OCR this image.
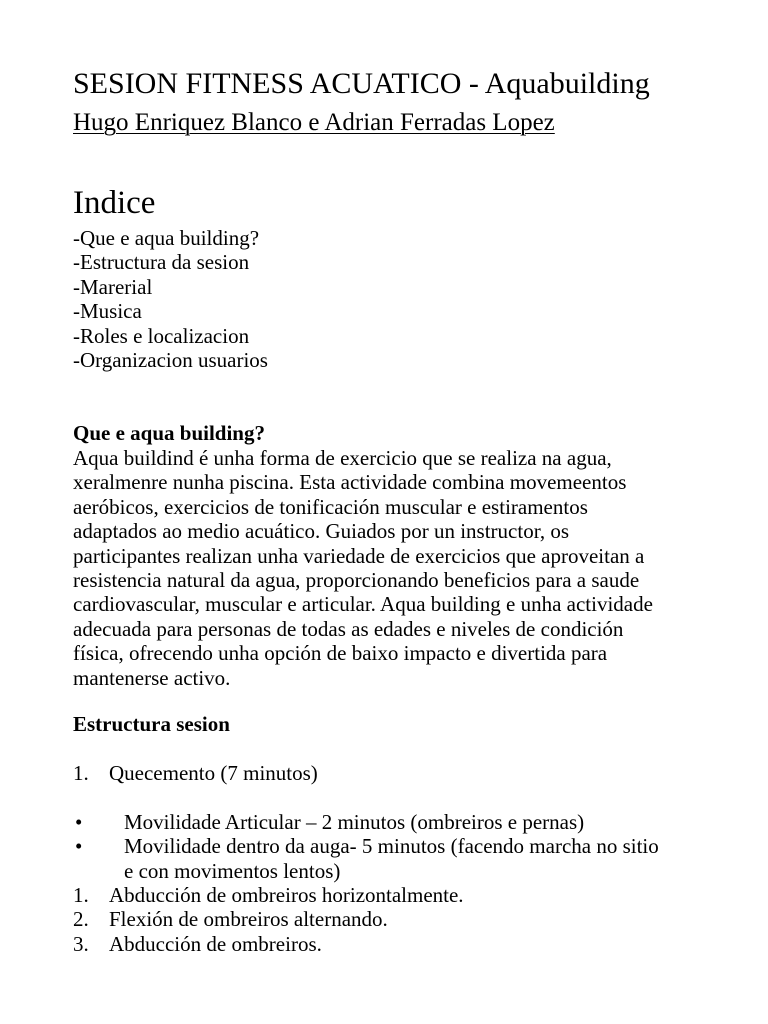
SESION FITNESS ACUATICO - Aquabuilding
Hugo Enriquez Blanco e Adrian Ferradas Lopez
Indice
-Que e aqua building?
-Estructura da sesion
-Marerial
-Musica
-Roles e localizacion
-Organizacion usuarios
Que e aqua building?
Aqua buildind é unha forma de exercicio que se realiza na agua,
xeralmenre nunha piscina. Esta actividade combina movemeentos
aeróbicos, exercicios de tonificación muscular e estiramentos
adaptados ao medio acuático. Guiados por un instructor, os
participantes realizan unha variedade de exercicios que aproveitan a
resistencia natural da agua, proporcionando beneficios para a saude
cardiovascular, muscular e articular. Aqua building e unha actividade
adecuada para personas de todas as edades e niveles de condición
física, ofrecendo unha opción de baixo impacto e divertida para
mantenerse activo.
Estructura sesion
1. Quecemento (7 minutos)
•	Movilidade Articular – 2 minutos (ombreiros e pernas)
•	Movilidade dentro da auga- 5 minutos (facendo marcha no sitio
e con movimentos lentos)
1. Abducción de ombreiros horizontalmente.
2. Flexión de ombreiros alternando.
3. Abducción de ombreiros.
